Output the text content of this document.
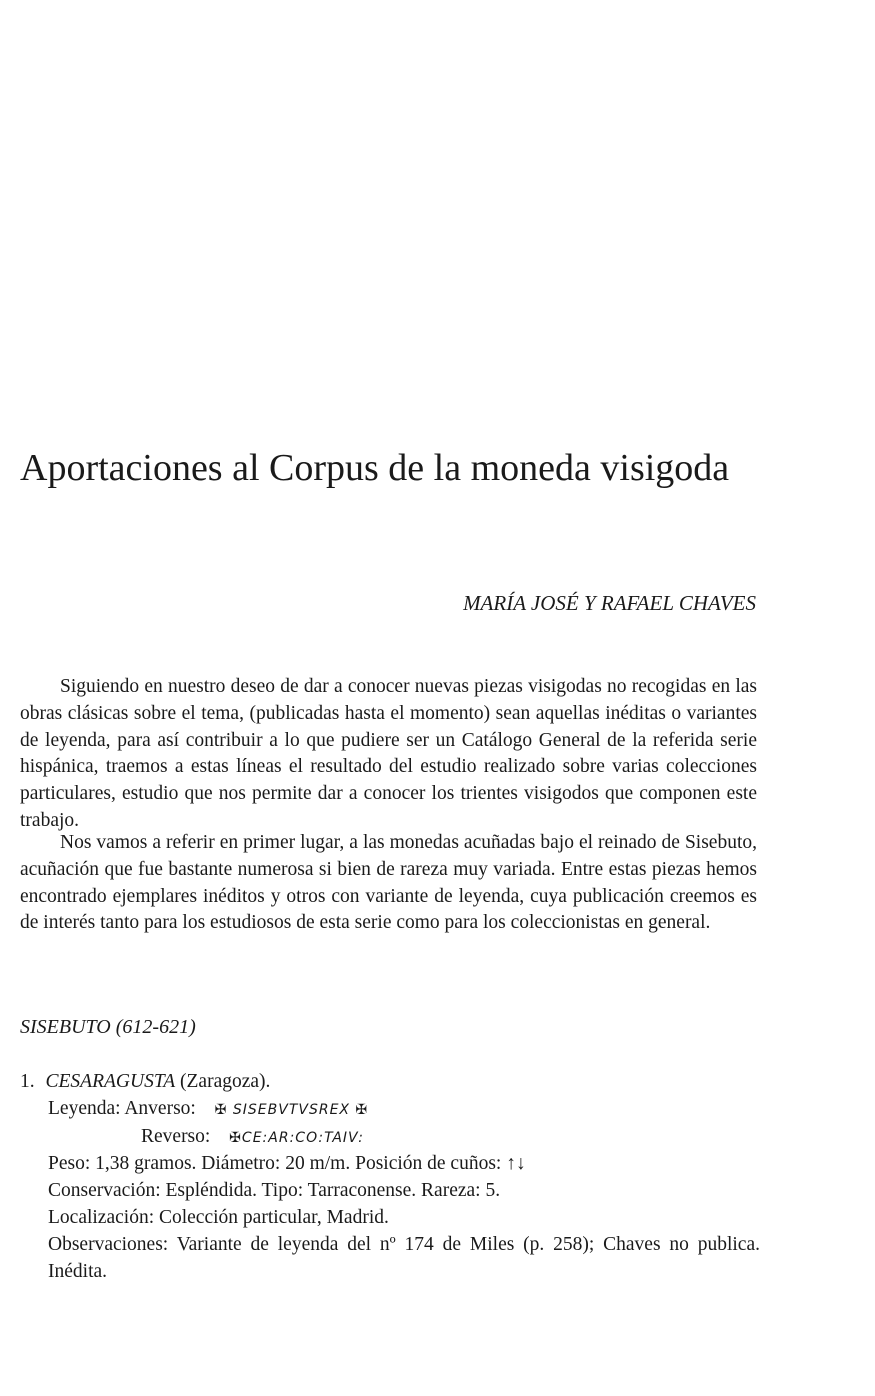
Aportaciones al Corpus de la moneda visigoda

MARÍA JOSÉ Y RAFAEL CHAVES

Siguiendo en nuestro deseo de dar a conocer nuevas piezas visigodas no recogidas en las obras clásicas sobre el tema, (publicadas hasta el momento) sean aquellas inéditas o variantes de leyenda, para así contribuir a lo que pudiere ser un Catálogo General de la referida serie hispánica, traemos a estas líneas el resultado del estudio realizado sobre varias colecciones particulares, estudio que nos permite dar a conocer los trientes visigodos que componen este trabajo.

Nos vamos a referir en primer lugar, a las monedas acuñadas bajo el reinado de Sisebuto, acuñación que fue bastante numerosa si bien de rareza muy variada. Entre estas piezas hemos encontrado ejemplares inéditos y otros con variante de leyenda, cuya publicación creemos es de interés tanto para los estudiosos de esta serie como para los coleccionistas en general.

SISEBUTO (612-621)

1. CESARAGUSTA (Zaragoza).
Leyenda: Anverso: ✠ SISEBVTVSREX ✠
Reverso: ✠CE:AR:CO:TAIV:
Peso: 1,38 gramos. Diámetro: 20 m/m. Posición de cuños: ↑↓
Conservación: Espléndida. Tipo: Tarraconense. Rareza: 5.
Localización: Colección particular, Madrid.
Observaciones: Variante de leyenda del nº 174 de Miles (p. 258); Chaves no publica. Inédita.
